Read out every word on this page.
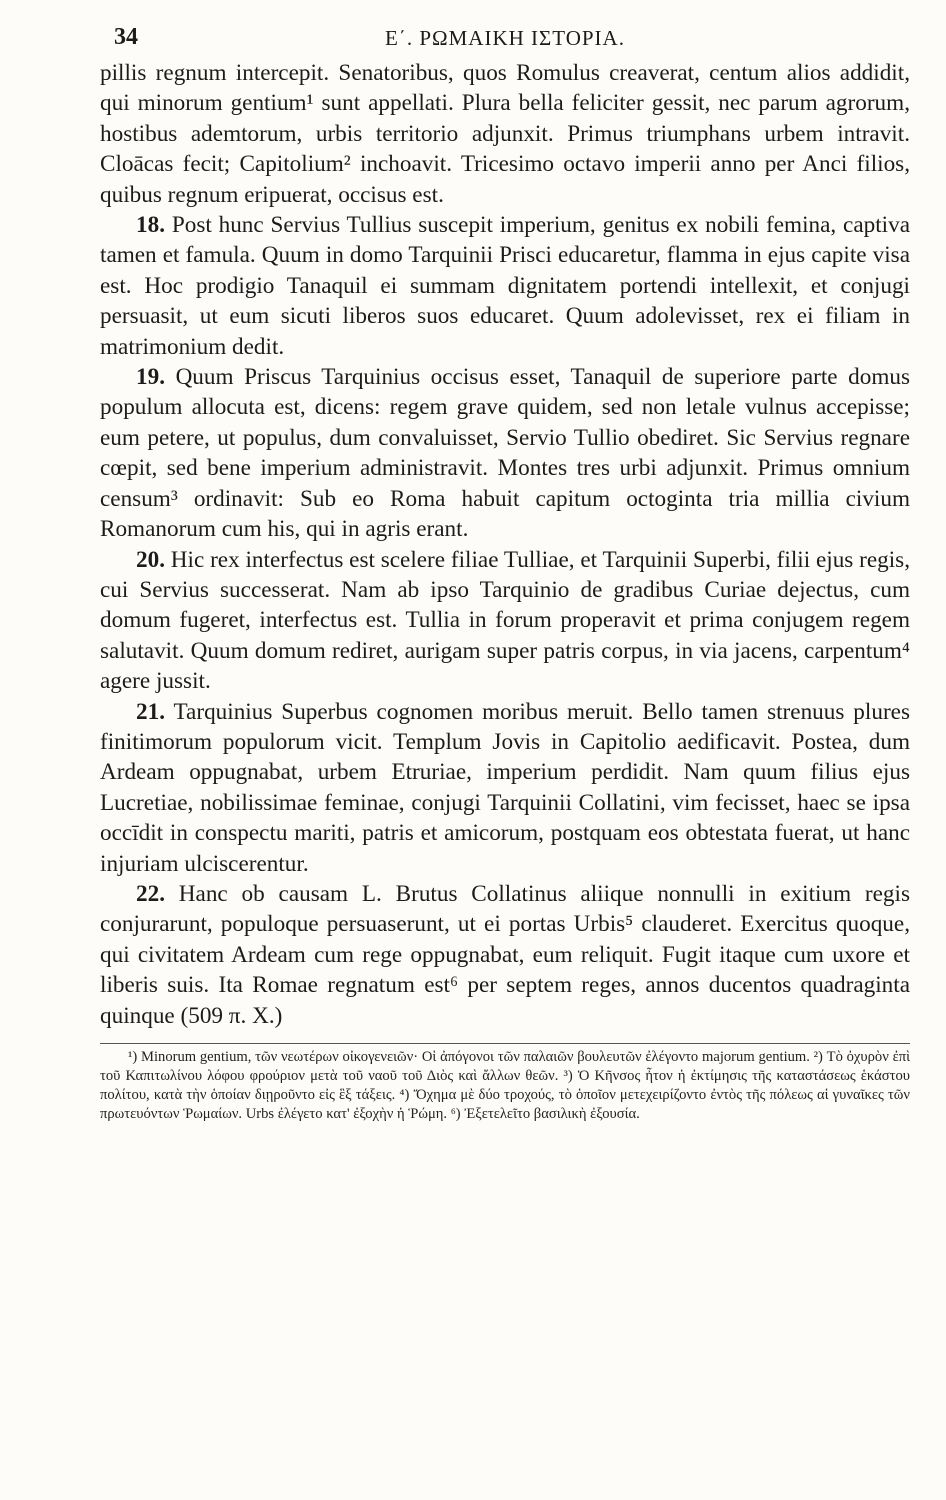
34	Ε΄. ΡΩΜΑΙΚΗ ΙΣΤΟΡΙΑ.

pillis regnum intercepit. Senatoribus, quos Romulus creaverat, centum alios addidit, qui minorum gentium¹ sunt appellati. Plura bella feliciter gessit, nec parum agrorum, hostibus ademtorum, urbis territorio adjunxit. Primus triumphans urbem intravit. Cloācas fecit; Capitolium² inchoavit. Tricesimo octavo imperii anno per Anci filios, quibus regnum eripuerat, occisus est.

18. Post hunc Servius Tullius suscepit imperium, genitus ex nobili femina, captiva tamen et famula. Quum in domo Tarquinii Prisci educaretur, flamma in ejus capite visa est. Hoc prodigio Tanaquil ei summam dignitatem portendi intellexit, et conjugi persuasit, ut eum sicuti liberos suos educaret. Quum adolevisset, rex ei filiam in matrimonium dedit.

19. Quum Priscus Tarquinius occisus esset, Tanaquil de superiore parte domus populum allocuta est, dicens: regem grave quidem, sed non letale vulnus accepisse; eum petere, ut populus, dum convaluisset, Servio Tullio obediret. Sic Servius regnare cœpit, sed bene imperium administravit. Montes tres urbi adjunxit. Primus omnium censum³ ordinavit: Sub eo Roma habuit capitum octoginta tria millia civium Romanorum cum his, qui in agris erant.

20. Hic rex interfectus est scelere filiae Tulliae, et Tarquinii Superbi, filii ejus regis, cui Servius successerat. Nam ab ipso Tarquinio de gradibus Curiae dejectus, cum domum fugeret, interfectus est. Tullia in forum properavit et prima conjugem regem salutavit. Quum domum rediret, aurigam super patris corpus, in via jacens, carpentum⁴ agere jussit.

21. Tarquinius Superbus cognomen moribus meruit. Bello tamen strenuus plures finitimorum populorum vicit. Templum Jovis in Capitolio aedificavit. Postea, dum Ardeam oppugnabat, urbem Etruriae, imperium perdidit. Nam quum filius ejus Lucretiae, nobilissimae feminae, conjugi Tarquinii Collatini, vim fecisset, haec se ipsa occīdit in conspectu mariti, patris et amicorum, postquam eos obtestata fuerat, ut hanc injuriam ulciscerentur.

22. Hanc ob causam L. Brutus Collatinus aliique nonnulli in exitium regis conjurarunt, populoque persuaserunt, ut ei portas Urbis⁵ clauderet. Exercitus quoque, qui civitatem Ardeam cum rege oppugnabat, eum reliquit. Fugit itaque cum uxore et liberis suis. Ita Romae regnatum est⁶ per septem reges, annos ducentos quadraginta quinque (509 π. X.)

¹) Minorum gentium, τῶν νεωτέρων οἰκογενειῶν· Οἱ ἀπόγονοι τῶν παλαιῶν βουλευτῶν ἐλέγοντο majorum gentium. ²) Τὸ ὀχυρὸν ἐπὶ τοῦ Καπιτωλίνου λόφου φρούριον μετὰ τοῦ ναοῦ τοῦ Διὸς καὶ ἄλλων θεῶν. ³) Ὁ Κῆνσος ἦτον ἡ ἐκτίμησις τῆς καταστάσεως ἑκάστου πολίτου, κατὰ τὴν ὁποίαν διῃροῦντο εἰς ἓξ τάξεις. ⁴) Ὄχημα μὲ δύο τροχούς, τὸ ὁποῖον μετεχειρίζοντο ἐντὸς τῆς πόλεως αἱ γυναῖκες τῶν πρωτευόντων Ῥωμαίων. Urbs ἐλέγετο κατ' ἐξοχὴν ἡ Ῥώμη. ⁶) Ἐξετελεῖτο βασιλικὴ ἐξουσία.
